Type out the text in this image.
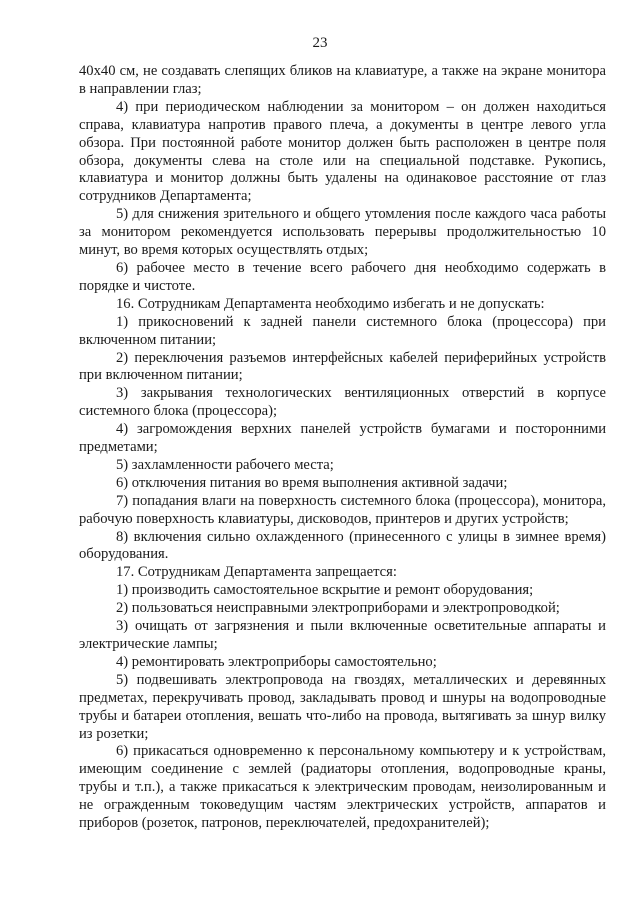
23

40х40 см, не создавать слепящих бликов на клавиатуре, а также на экране монитора в направлении глаз;

4) при периодическом наблюдении за монитором – он должен находиться справа, клавиатура напротив правого плеча, а документы в центре левого угла обзора. При постоянной работе монитор должен быть расположен в центре поля обзора, документы слева на столе или на специальной подставке. Рукопись, клавиатура и монитор должны быть удалены на одинаковое расстояние от глаз сотрудников Департамента;

5) для снижения зрительного и общего утомления после каждого часа работы за монитором рекомендуется использовать перерывы продолжительностью 10 минут, во время которых осуществлять отдых;

6) рабочее место в течение всего рабочего дня необходимо содержать в порядке и чистоте.

16. Сотрудникам Департамента необходимо избегать и не допускать:

1) прикосновений к задней панели системного блока (процессора) при включенном питании;

2) переключения разъемов интерфейсных кабелей периферийных устройств при включенном питании;

3) закрывания технологических вентиляционных отверстий в корпусе системного блока (процессора);

4) загромождения верхних панелей устройств бумагами и посторонними предметами;

5) захламленности рабочего места;

6) отключения питания во время выполнения активной задачи;

7) попадания влаги на поверхность системного блока (процессора), монитора, рабочую поверхность клавиатуры, дисководов, принтеров и других устройств;

8) включения сильно охлажденного (принесенного с улицы в зимнее время) оборудования.

17. Сотрудникам Департамента запрещается:

1) производить самостоятельное вскрытие и ремонт оборудования;

2) пользоваться неисправными электроприборами и электропроводкой;

3) очищать от загрязнения и пыли включенные осветительные аппараты и электрические лампы;

4) ремонтировать электроприборы самостоятельно;

5) подвешивать электропровода на гвоздях, металлических и деревянных предметах, перекручивать провод, закладывать провод и шнуры на водопроводные трубы и батареи отопления, вешать что-либо на провода, вытягивать за шнур вилку из розетки;

6) прикасаться одновременно к персональному компьютеру и к устройствам, имеющим соединение с землей (радиаторы отопления, водопроводные краны, трубы и т.п.), а также прикасаться к электрическим проводам, неизолированным и не огражденным токоведущим частям электрических устройств, аппаратов и приборов (розеток, патронов, переключателей, предохранителей);
